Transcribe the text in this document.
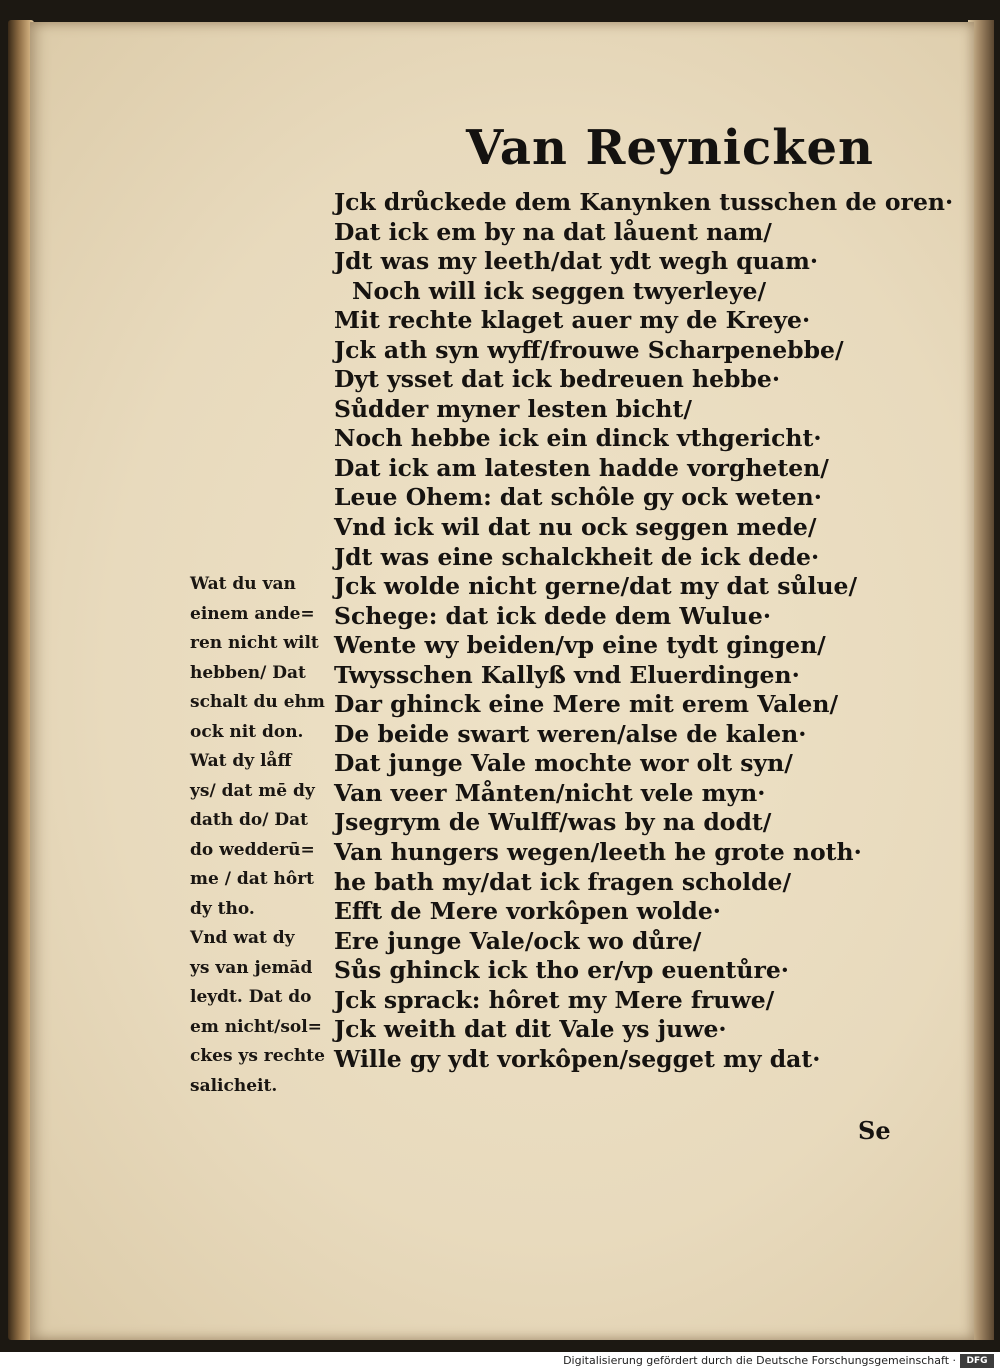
Van Reynicken
Jck drůckede dem Kanynken tusschen de oren·
Dat ick em by na dat låuent nam/
Jdt was my leeth/dat ydt wegh quam·
Noch will ick seggen twyerleye/
Mit rechte klaget auer my de Kreye·
Jck ath syn wyff/frouwe Scharpenebbe/
Dyt ysset dat ick bedreuen hebbe·
Sůdder myner lesten bicht/
Noch hebbe ick ein dinck vthgericht·
Dat ick am latesten hadde vorgheten/
Leue Ohem: dat schôle gy ock weten·
Vnd ick wil dat nu ock seggen mede/
Jdt was eine schalckheit de ick dede·
Jck wolde nicht gerne/dat my dat sůlue/
Schege: dat ick dede dem Wulue·
Wente wy beiden/vp eine tydt gingen/
Twysschen Kallyß vnd Eluerdingen·
Dar ghinck eine Mere mit erem Valen/
De beide swart weren/alse de kalen·
Dat junge Vale mochte wor olt syn/
Van veer Månten/nicht vele myn·
Jsegrym de Wulff/was by na dodt/
Van hungers wegen/leeth he grote noth·
he bath my/dat ick fragen scholde/
Efft de Mere vorkôpen wolde·
Ere junge Vale/ock wo důre/
Sůs ghinck ick tho er/vp euentůre·
Jck sprack: hôret my Mere fruwe/
Jck weith dat dit Vale ys juwe·
Wille gy ydt vorkôpen/segget my dat·
Wat du van
einem ande=
ren nicht wilt
hebben/ Dat
schalt du ehm
ock nit don.
Wat dy låff
ys/ dat mē dy
dath do/ Dat
do wedderū=
me / dat hôrt
dy tho.
Vnd wat dy
ys van jemād
leydt. Dat do
em nicht/sol=
ckes ys rechte
salicheit.
Se
Digitalisierung gefördert durch die Deutsche Forschungsgemeinschaft ·	DFG
